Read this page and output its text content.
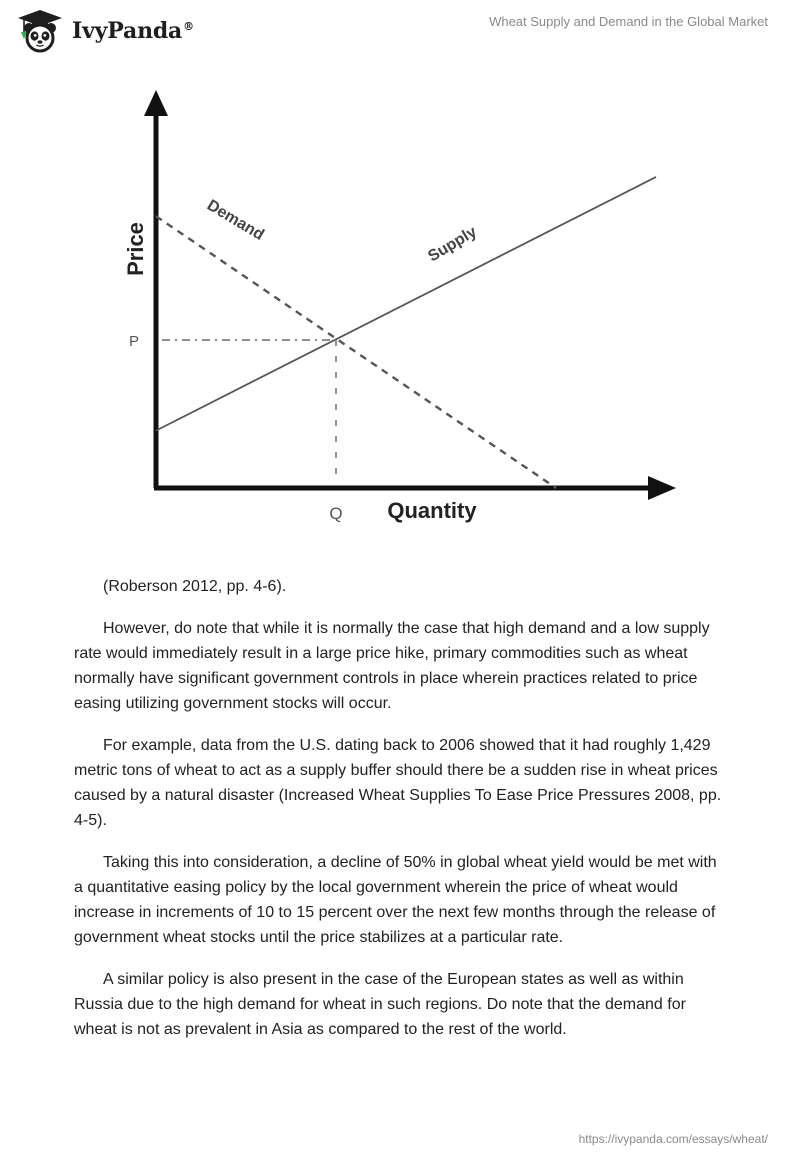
IvyPanda®	Wheat Supply and Demand in the Global Market
Price
Quantity
P
Q
Demand
Supply

(Roberson 2012, pp. 4-6).

However, do note that while it is normally the case that high demand and a low supply rate would immediately result in a large price hike, primary commodities such as wheat normally have significant government controls in place wherein practices related to price easing utilizing government stocks will occur.

For example, data from the U.S. dating back to 2006 showed that it had roughly 1,429 metric tons of wheat to act as a supply buffer should there be a sudden rise in wheat prices caused by a natural disaster (Increased Wheat Supplies To Ease Price Pressures 2008, pp. 4-5).

Taking this into consideration, a decline of 50% in global wheat yield would be met with a quantitative easing policy by the local government wherein the price of wheat would increase in increments of 10 to 15 percent over the next few months through the release of government wheat stocks until the price stabilizes at a particular rate.

A similar policy is also present in the case of the European states as well as within Russia due to the high demand for wheat in such regions. Do note that the demand for wheat is not as prevalent in Asia as compared to the rest of the world.

https://ivypanda.com/essays/wheat/
